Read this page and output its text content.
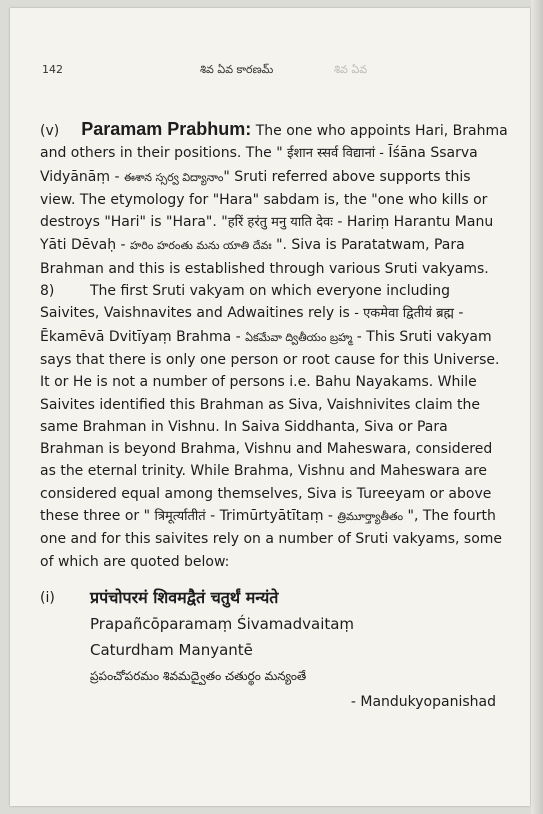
142	శివ ఏవ కారణమ్	శివ ఏవ

(v) Paramam Prabhum: The one who appoints Hari, Brahma and others in their positions. The " ईशान स्सर्व विद्यानां - Īśāna Ssarva Vidyānāṃ - ఈశాన స్సర్వ విద్యానాం" Sruti referred above supports this view. The etymology for "Hara" sabdam is, the "one who kills or destroys "Hari" is "Hara". "हरिं हरंतु मनु याति देवः - Hariṃ Harantu Manu Yāti Dēvaḥ - హరిం హరంతు మను యాతి దేవః ". Siva is Paratatwam, Para Brahman and this is established through various Sruti vakyams.

8)	The first Sruti vakyam on which everyone including Saivites, Vaishnavites and Adwaitines rely is - एकमेवा द्वितीयं ब्रह्म - Ēkamēvā Dvitīyaṃ Brahma - ఏకమేవా ద్వితీయం బ్రహ్మ - This Sruti vakyam says that there is only one person or root cause for this Universe. It or He is not a number of persons i.e. Bahu Nayakams. While Saivites identified this Brahman as Siva, Vaishnivites claim the same Brahman in Vishnu. In Saiva Siddhanta, Siva or Para Brahman is beyond Brahma, Vishnu and Maheswara, considered as the eternal trinity. While Brahma, Vishnu and Maheswara are considered equal among themselves, Siva is Tureeyam or above these three or " त्रिमूर्त्यातीतं - Trimūrtyātītaṃ - త్రిమూర్త్యాతీతం ", The fourth one and for this saivites rely on a number of Sruti vakyams, some of which are quoted below:

(i) प्रपंचोपरमं शिवमद्वैतं चतुर्थं मन्यंते
Prapañcōparamaṃ Śivamadvaitaṃ
Caturdham Manyantē
ప్రపంచోపరమం శివమద్వైతం చతుర్థం మన్యంతే
- Mandukyopanishad
